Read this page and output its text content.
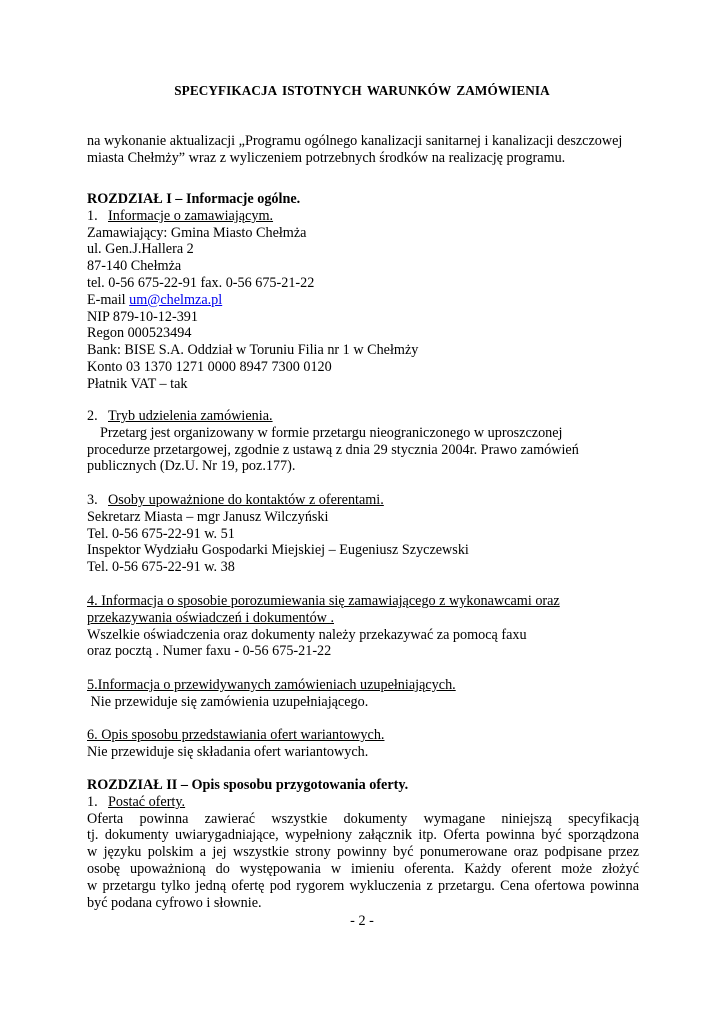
SPECYFIKACJA ISTOTNYCH WARUNKÓW ZAMÓWIENIA
na wykonanie aktualizacji „Programu ogólnego kanalizacji sanitarnej i kanalizacji deszczowej
miasta Chełmży” wraz z wyliczeniem potrzebnych środków na realizację programu.
ROZDZIAŁ I – Informacje ogólne.
1. Informacje o zamawiającym.
Zamawiający: Gmina Miasto Chełmża
ul. Gen.J.Hallera 2
87-140 Chełmża
tel. 0-56 675-22-91 fax. 0-56 675-21-22
E-mail um@chelmza.pl
NIP 879-10-12-391
Regon 000523494
Bank: BISE S.A. Oddział w Toruniu Filia nr 1 w Chełmży
Konto 03 1370 1271 0000 8947 7300 0120
Płatnik VAT – tak
2. Tryb udzielenia zamówienia.
Przetarg jest organizowany w formie przetargu nieograniczonego w uproszczonej
procedurze przetargowej, zgodnie z ustawą z dnia 29 stycznia 2004r. Prawo zamówień
publicznych (Dz.U. Nr 19, poz.177).
3. Osoby upoważnione do kontaktów z oferentami.
Sekretarz Miasta – mgr Janusz Wilczyński
Tel. 0-56 675-22-91 w. 51
Inspektor Wydziału Gospodarki Miejskiej – Eugeniusz Szyczewski
Tel. 0-56 675-22-91 w. 38
4. Informacja o sposobie porozumiewania się zamawiającego z wykonawcami oraz
przekazywania oświadczeń i dokumentów .
Wszelkie oświadczenia oraz dokumenty należy przekazywać za pomocą faxu
oraz pocztą . Numer faxu - 0-56 675-21-22
5.Informacja o przewidywanych zamówieniach uzupełniających.
Nie przewiduje się zamówienia uzupełniającego.
6. Opis sposobu przedstawiania ofert wariantowych.
Nie przewiduje się składania ofert wariantowych.
ROZDZIAŁ II – Opis sposobu przygotowania oferty.
1. Postać oferty.
Oferta powinna zawierać wszystkie dokumenty wymagane niniejszą specyfikacją
tj. dokumenty uwiarygadniające, wypełniony załącznik itp. Oferta powinna być sporządzona
w języku polskim a jej wszystkie strony powinny być ponumerowane oraz podpisane przez
osobę upoważnioną do występowania w imieniu oferenta. Każdy oferent może złożyć
w przetargu tylko jedną ofertę pod rygorem wykluczenia z przetargu. Cena ofertowa powinna
być podana cyfrowo i słownie.
- 2 -
